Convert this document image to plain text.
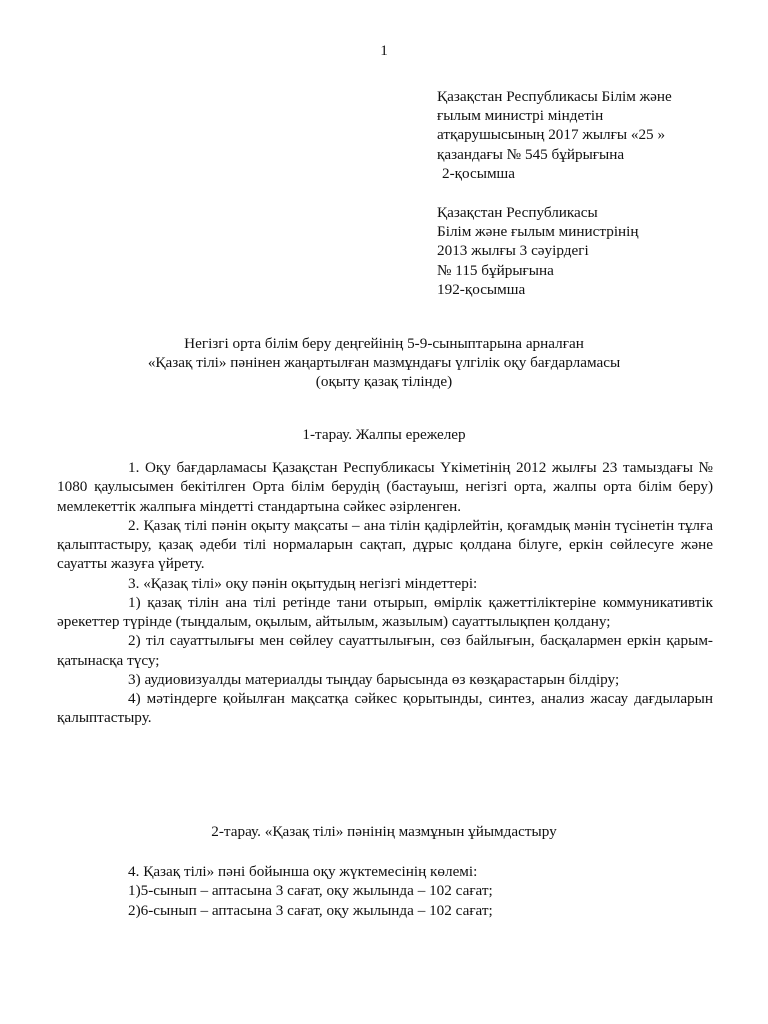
1
Қазақстан Республикасы Білім және
ғылым министрі міндетін
атқарушысының 2017 жылғы «25 »
қазандағы № 545 бұйрығына
2-қосымша
Қазақстан Республикасы
Білім және ғылым министрінің
2013 жылғы 3 сәуірдегі
№ 115 бұйрығына
192-қосымша
Негізгі орта білім беру деңгейінің 5-9-сыныптарына арналған
«Қазақ тілі» пәнінен жаңартылған мазмұндағы үлгілік оқу бағдарламасы
(оқыту қазақ тілінде)
1-тарау. Жалпы ережелер

1. Оқу бағдарламасы Қазақстан Республикасы Үкіметінің 2012 жылғы 23 тамыздағы № 1080 қаулысымен бекітілген Орта білім берудің (бастауыш, негізгі орта, жалпы орта білім беру) мемлекеттік жалпыға міндетті стандартына сәйкес әзірленген.

2. Қазақ тілі пәнін оқыту мақсаты – ана тілін қадірлейтін, қоғамдық мәнін түсінетін тұлға қалыптастыру, қазақ әдеби тілі нормаларын сақтап, дұрыс қолдана білуге, еркін сөйлесуге және сауатты жазуға үйрету.

3. «Қазақ тілі» оқу пәнін оқытудың негізгі міндеттері:

1) қазақ тілін ана тілі ретінде тани отырып, өмірлік қажеттіліктеріне коммуникативтік әрекеттер түрінде (тыңдалым, оқылым, айтылым, жазылым) сауаттылықпен қолдану;

2) тіл сауаттылығы мен сөйлеу сауаттылығын, сөз байлығын, басқалармен еркін қарым-қатынасқа түсу;

3) аудиовизуалды материалды тыңдау барысында өз көзқарастарын білдіру;

4) мәтіндерге қойылған мақсатқа сәйкес қорытынды, синтез, анализ жасау дағдыларын қалыптастыру.

2-тарау. «Қазақ тілі» пәнінің мазмұнын ұйымдастыру

4. Қазақ тілі» пәні бойынша оқу жүктемесінің көлемі:

1)5-сынып – аптасына 3 сағат, оқу жылында – 102 сағат;

2)6-сынып – аптасына 3 сағат, оқу жылында – 102 сағат;
